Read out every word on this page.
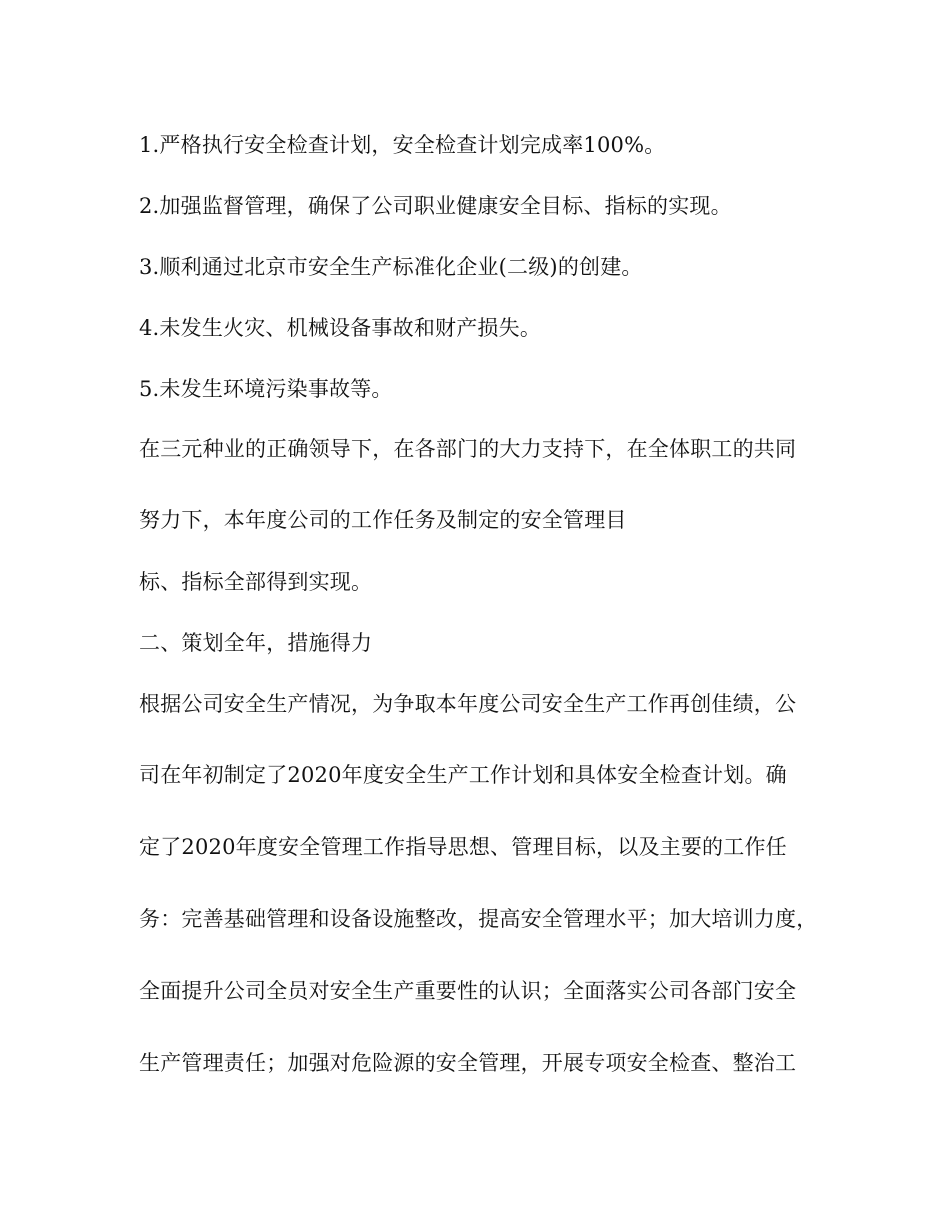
1.严格执行安全检查计划，安全检查计划完成率100%。
2.加强监督管理，确保了公司职业健康安全目标、指标的实现。
3.顺利通过北京市安全生产标准化企业(二级)的创建。
4.未发生火灾、机械设备事故和财产损失。
5.未发生环境污染事故等。
在三元种业的正确领导下，在各部门的大力支持下，在全体职工的共同
努力下，本年度公司的工作任务及制定的安全管理目
标、指标全部得到实现。
二、策划全年，措施得力
根据公司安全生产情况，为争取本年度公司安全生产工作再创佳绩，公
司在年初制定了2020年度安全生产工作计划和具体安全检查计划。确
定了2020年度安全管理工作指导思想、管理目标，以及主要的工作任
务：完善基础管理和设备设施整改，提高安全管理水平；加大培训力度，
全面提升公司全员对安全生产重要性的认识；全面落实公司各部门安全
生产管理责任；加强对危险源的安全管理，开展专项安全检查、整治工
